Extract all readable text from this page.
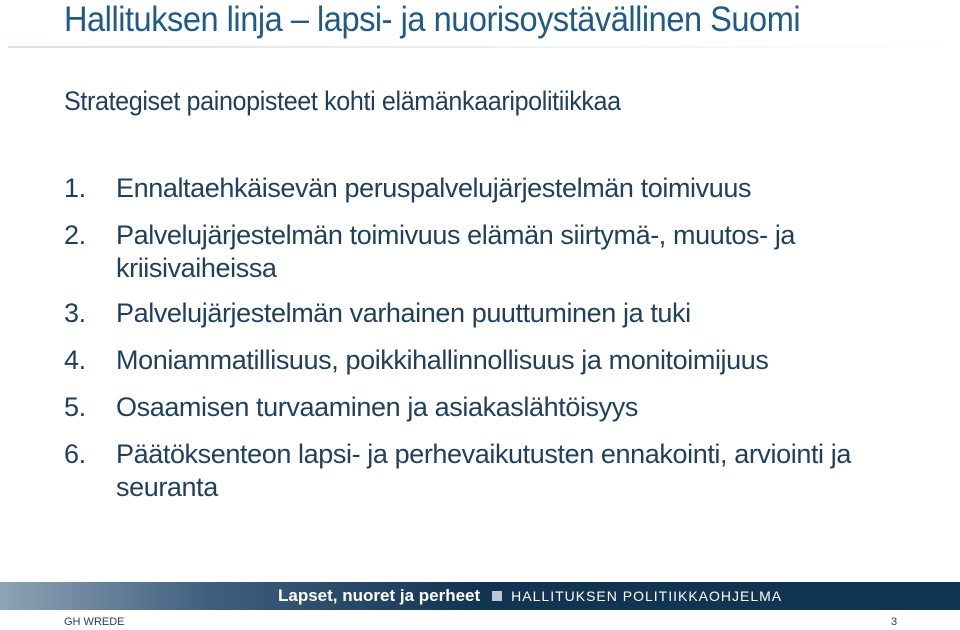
Hallituksen linja – lapsi- ja nuorisoystävällinen Suomi
Strategiset painopisteet kohti elämänkaaripolitiikkaa
1.	Ennaltaehkäisevän peruspalvelujärjestelmän toimivuus
2.	Palvelujärjestelmän toimivuus elämän siirtymä-, muutos- ja kriisivaiheissa
3.	Palvelujärjestelmän varhainen puuttuminen ja tuki
4.	Moniammatillisuus, poikkihallinnollisuus ja monitoimijuus
5.	Osaamisen turvaaminen ja asiakaslähtöisyys
6.	Päätöksenteon lapsi- ja perhevaikutusten ennakointi, arviointi ja seuranta
Lapset, nuoret ja perheet HALLITUKSEN POLITIIKKAOHJELMA
GH WREDE	3
